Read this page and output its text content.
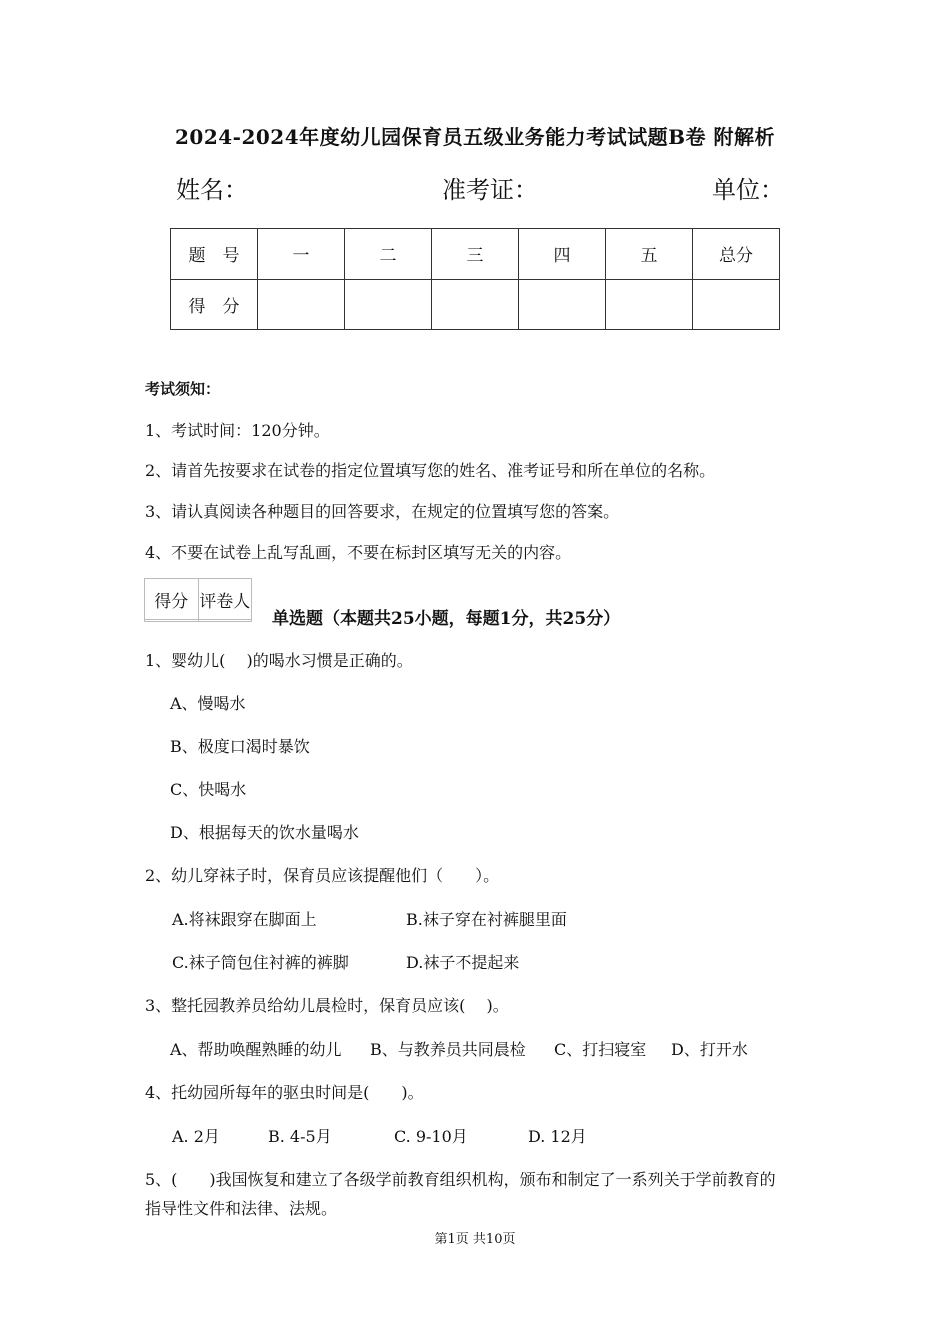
2024-2024年度幼儿园保育员五级业务能力考试试题B卷 附解析
姓名：	准考证：	单位：
题　号	一	二	三	四	五	总分
得　分						
考试须知：
1、考试时间：120分钟。
2、请首先按要求在试卷的指定位置填写您的姓名、准考证号和所在单位的名称。
3、请认真阅读各种题目的回答要求，在规定的位置填写您的答案。
4、不要在试卷上乱写乱画，不要在标封区填写无关的内容。
得分	评卷人

单选题（本题共25小题，每题1分，共25分）
1、婴幼儿(　 )的喝水习惯是正确的。
A、慢喝水
B、极度口渴时暴饮
C、快喝水
D、根据每天的饮水量喝水
2、幼儿穿袜子时，保育员应该提醒他们（　　）。
A.将袜跟穿在脚面上	B.袜子穿在衬裤腿里面
C.袜子筒包住衬裤的裤脚	D.袜子不提起来
3、整托园教养员给幼儿晨检时，保育员应该(　 )。
A、帮助唤醒熟睡的幼儿 B、与教养员共同晨检 C、打扫寝室 D、打开水
4、托幼园所每年的驱虫时间是(　　)。
A. 2月	B. 4-5月	C. 9-10月	D. 12月
5、(　　)我国恢复和建立了各级学前教育组织机构，颁布和制定了一系列关于学前教育的
指导性文件和法律、法规。
第1页 共10页
